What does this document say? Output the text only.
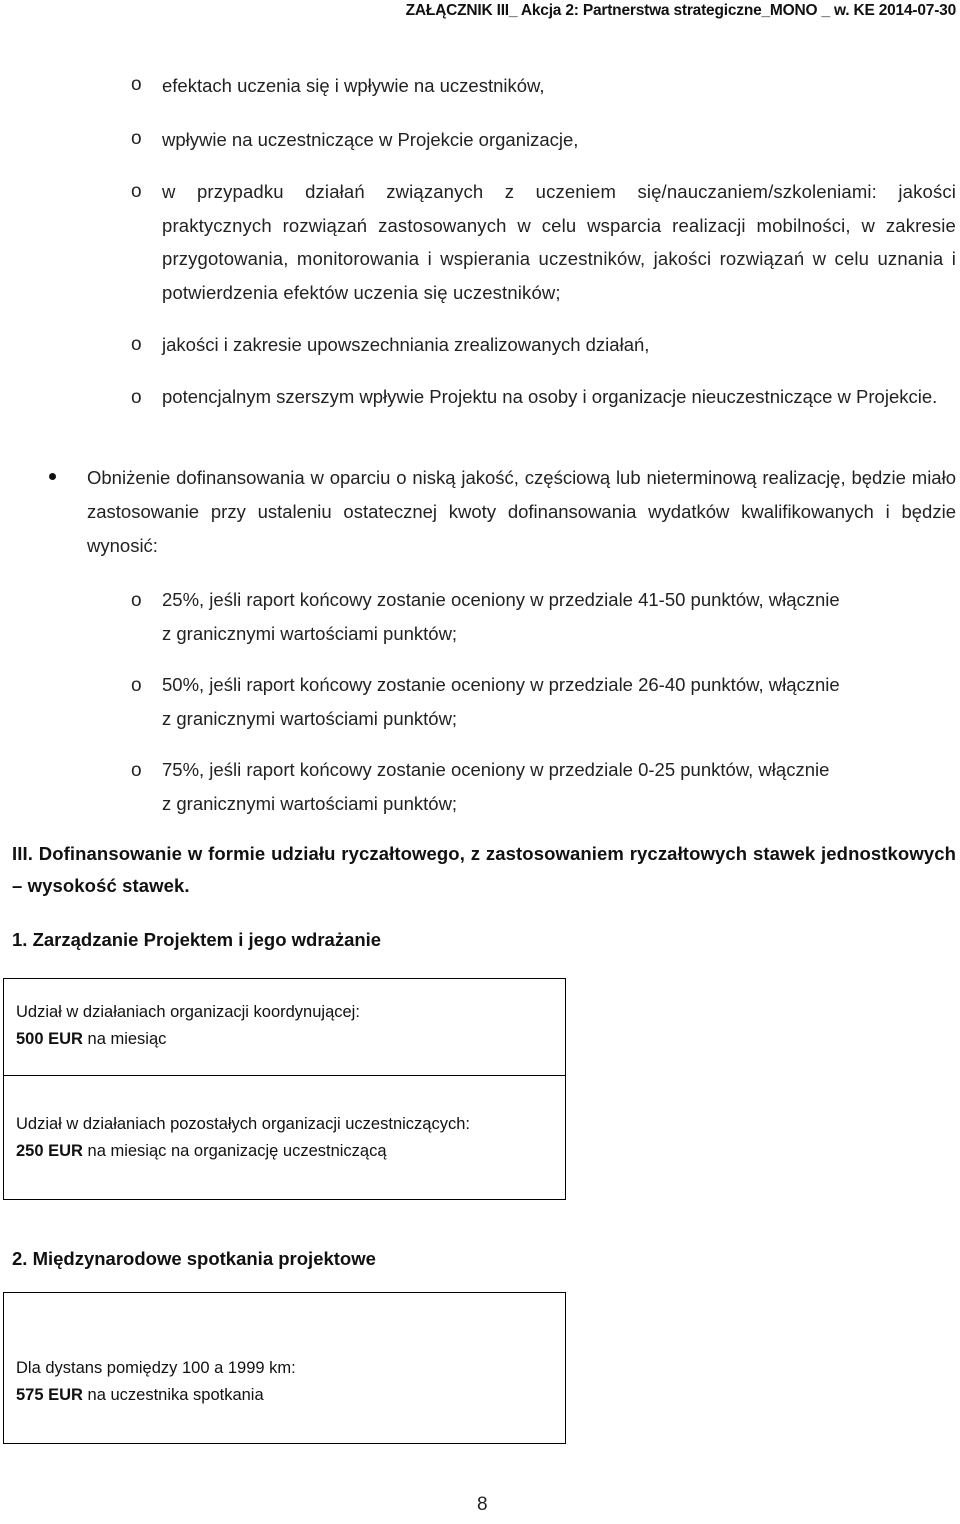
ZAŁĄCZNIK III_ Akcja 2: Partnerstwa strategiczne_MONO _ w. KE 2014-07-30
o efektach uczenia się i wpływie na uczestników,
o wpływie na uczestniczące w Projekcie organizacje,
o w przypadku działań związanych z uczeniem się/nauczaniem/szkoleniami: jakości praktycznych rozwiązań zastosowanych w celu wsparcia realizacji mobilności, w zakresie przygotowania, monitorowania i wspierania uczestników, jakości rozwiązań w celu uznania i potwierdzenia efektów uczenia się uczestników;
o jakości i zakresie upowszechniania zrealizowanych działań,
o potencjalnym szerszym wpływie Projektu na osoby i organizacje nieuczestniczące w Projekcie.
Obniżenie dofinansowania w oparciu o niską jakość, częściową lub nieterminową realizację, będzie miało zastosowanie przy ustaleniu ostatecznej kwoty dofinansowania wydatków kwalifikowanych i będzie wynosić:
o 25%, jeśli raport końcowy zostanie oceniony w przedziale 41-50 punktów, włącznie
z granicznymi wartościami punktów;
o 50%, jeśli raport końcowy zostanie oceniony w przedziale 26-40 punktów, włącznie
z granicznymi wartościami punktów;
o 75%, jeśli raport końcowy zostanie oceniony w przedziale 0-25 punktów, włącznie
z granicznymi wartościami punktów;
III. Dofinansowanie w formie udziału ryczałtowego, z zastosowaniem ryczałtowych stawek jednostkowych – wysokość stawek.
1. Zarządzanie Projektem i jego wdrażanie
Udział w działaniach organizacji koordynującej:
500 EUR na miesiąc
Udział w działaniach pozostałych organizacji uczestniczących:
250 EUR na miesiąc na organizację uczestniczącą
2. Międzynarodowe spotkania projektowe
Dla dystans pomiędzy 100 a 1999 km:
575 EUR na uczestnika spotkania
8
